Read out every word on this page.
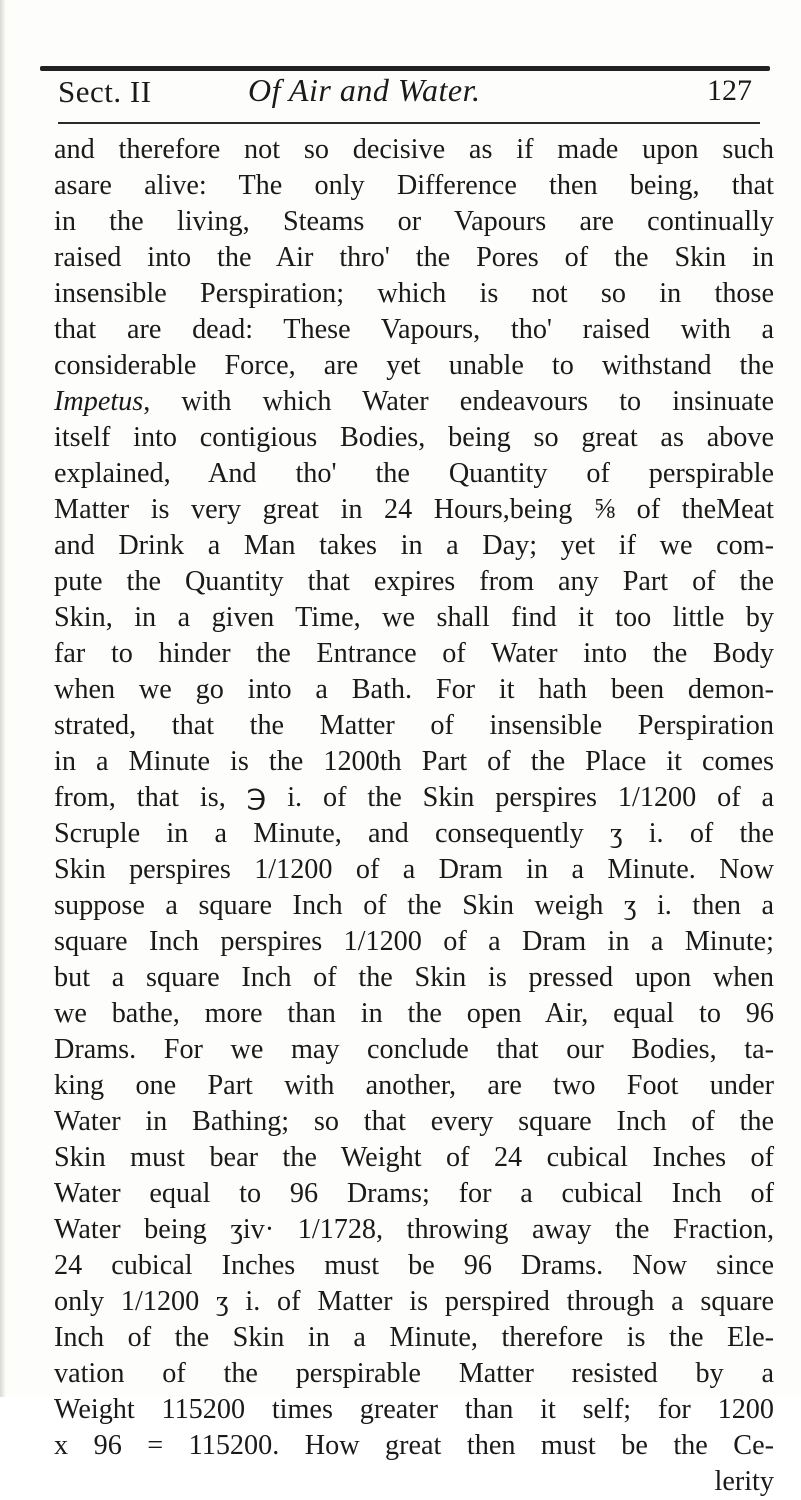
Sect. II	Of Air and Water.	127
and therefore not so decisive as if made upon such
asare alive: The only Difference then being, that
in the living, Steams or Vapours are continually
raised into the Air thro' the Pores of the Skin in
insensible Perspiration; which is not so in those
that are dead: These Vapours, tho' raised with a
considerable Force, are yet unable to withstand the
Impetus, with which Water endeavours to insinuate
itself into contigious Bodies, being so great as above
explained, And tho' the Quantity of perspirable
Matter is very great in 24 Hours,being ⅝ of theMeat
and Drink a Man takes in a Day; yet if we com-
pute the Quantity that expires from any Part of the
Skin, in a given Time, we shall find it too little by
far to hinder the Entrance of Water into the Body
when we go into a Bath. For it hath been demon-
strated, that the Matter of insensible Perspiration
in a Minute is the 1200th Part of the Place it comes
from, that is, ℈ i. of the Skin perspires 1/1200 of a
Scruple in a Minute, and consequently ʒ i. of the
Skin perspires 1/1200 of a Dram in a Minute. Now
suppose a square Inch of the Skin weigh ʒ i. then a
square Inch perspires 1/1200 of a Dram in a Minute;
but a square Inch of the Skin is pressed upon when
we bathe, more than in the open Air, equal to 96
Drams. For we may conclude that our Bodies, ta-
king one Part with another, are two Foot under
Water in Bathing; so that every square Inch of the
Skin must bear the Weight of 24 cubical Inches of
Water equal to 96 Drams; for a cubical Inch of
Water being ʒiv· 1/1728, throwing away the Fraction,
24 cubical Inches must be 96 Drams. Now since
only 1/1200 ʒ i. of Matter is perspired through a square
Inch of the Skin in a Minute, therefore is the Ele-
vation of the perspirable Matter resisted by a
Weight 115200 times greater than it self; for 1200
x 96 = 115200. How great then must be the Ce-
lerity
